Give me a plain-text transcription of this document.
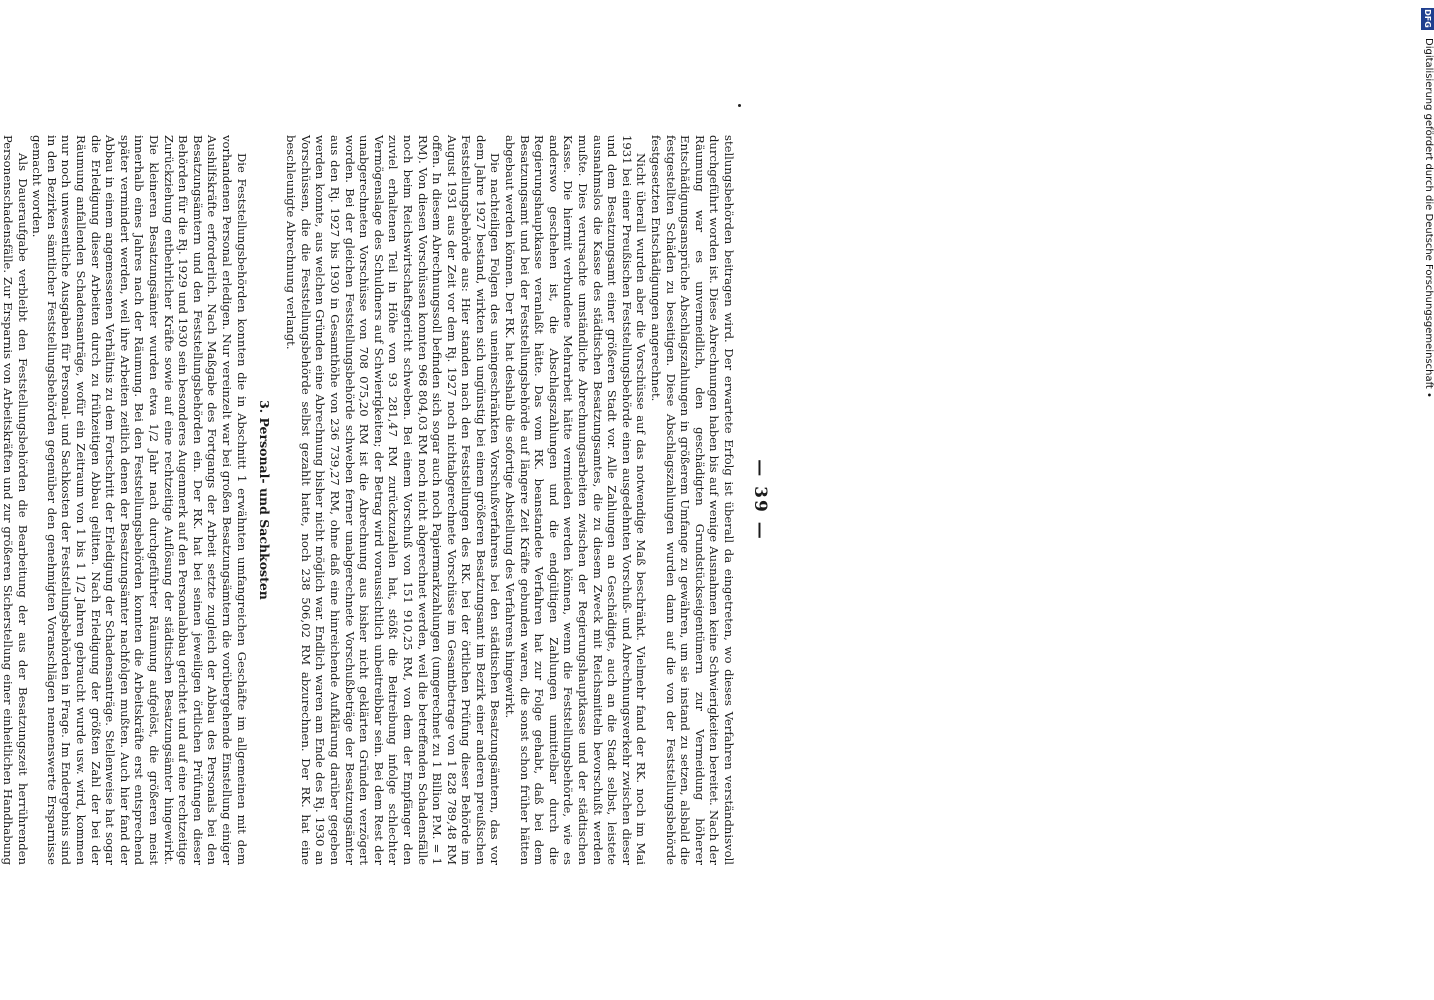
— 39 —

stellungsbehörden beitragen wird. Der erwartete Erfolg ist überall da eingetreten, wo dieses Verfahren verständnisvoll durchgeführt worden ist. Diese Abrechnungen haben bis auf wenige Ausnahmen keine Schwierigkeiten bereitet. Nach der Räumung war es unvermeidlich, den geschädigten Grundstückseigentümern zur Vermeidung höherer Entschädigungsansprüche Abschlagszahlungen in größerem Umfange zu gewähren, um sie instand zu setzen, alsbald die festgestellten Schäden zu beseitigen. Diese Abschlagszahlungen wurden dann auf die von der Feststellungsbehörde festgesetzten Entschädigungen angerechnet.

Nicht überall wurden aber die Vorschüsse auf das notwendige Maß beschränkt. Vielmehr fand der RK. noch im Mai 1931 bei einer Preußischen Feststellungsbehörde einen ausgedehnten Vorschuß- und Abrechnungsverkehr zwischen dieser und dem Besatzungsamt einer größeren Stadt vor. Alle Zahlungen an Geschädigte, auch an die Stadt selbst, leistete ausnahmslos die Kasse des städtischen Besatzungsamtes, die zu diesem Zweck mit Reichsmitteln bevorschußt werden mußte. Dies verursachte umständliche Abrechnungsarbeiten zwischen der Regierungshauptkasse und der städtischen Kasse. Die hiermit verbundene Mehrarbeit hätte vermieden werden können, wenn die Feststellungsbehörde, wie es anderswo geschehen ist, die Abschlagszahlungen und die endgültigen Zahlungen unmittelbar durch die Regierungshauptkasse veranlaßt hätte. Das vom RK. beanstandete Verfahren hat zur Folge gehabt, daß bei dem Besatzungsamt und bei der Feststellungsbehörde auf längere Zeit Kräfte gebunden waren, die sonst schon früher hätten abgebaut werden können. Der RK. hat deshalb die sofortige Abstellung des Verfahrens hingewirkt.

Die nachteiligen Folgen des uneingeschränkten Vorschußverfahrens bei den städtischen Besatzungsämtern, das vor dem Jahre 1927 bestand, wirkten sich ungünstig bei einem größeren Besatzungsamt im Bezirk einer anderen preußischen Feststellungsbehörde aus: Hier standen nach den Feststellungen des RK. bei der örtlichen Prüfung dieser Behörde im August 1931 aus der Zeit vor dem Rj. 1927 noch nichtabgerechnete Vorschüsse im Gesamtbetrage von 1 828 789,48 RM offen. In diesem Abrechnungssoll befinden sich sogar auch noch Papiermarkzahlungen (umgerechnet zu 1 Billion P.M. = 1 RM). Von diesen Vorschüssen konnten 968 804,03 RM noch nicht abgerechnet werden, weil die betreffenden Schadensfälle noch beim Reichswirtschaftsgericht schweben. Bei einem Vorschuß von 151 910,25 RM, von dem der Empfänger den zuviel erhaltenen Teil in Höhe von 93 281,47 RM zurückzuzahlen hat, stößt die Beitreibung infolge schlechter Vermögenslage des Schuldners auf Schwierigkeiten; der Betrag wird voraussichtlich unbeitreibbar sein. Bei dem Rest der unabgerechneten Vorschüsse von 708 075,20 RM ist die Abrechnung aus bisher nicht geklärten Gründen verzögert worden. Bei der gleichen Feststellungsbehörde schweben ferner unabgerechnete Vorschußbeträge der Besatzungsämter aus den Rj. 1927 bis 1930 in Gesamthöhe von 236 739,27 RM, ohne daß eine hinreichende Aufklärung darüber gegeben werden konnte, aus welchen Gründen eine Abrechnung bisher nicht möglich war. Endlich waren am Ende des Rj. 1930 an Vorschüssen, die die Feststellungsbehörde selbst gezahlt hatte, noch 238 506,02 RM abzurechnen. Der RK. hat eine beschleunigte Abrechnung verlangt.

3. Personal- und Sachkosten

Die Feststellungsbehörden konnten die in Abschnitt 1 erwähnten umfangreichen Geschäfte im allgemeinen mit dem vorhandenen Personal erledigen. Nur vereinzelt war bei großen Besatzungsämtern die vorübergehende Einstellung einiger Aushilfskräfte erforderlich. Nach Maßgabe des Fortgangs der Arbeit setzte zugleich der Abbau des Personals bei den Besatzungsämtern und den Feststellungsbehörden ein. Der RK. hat bei seinen jeweiligen örtlichen Prüfungen dieser Behörden für die Rj. 1929 und 1930 sein besonderes Augenmerk auf den Personalabbau gerichtet und auf eine rechtzeitige Zurückziehung entbehrlicher Kräfte sowie auf eine rechtzeitige Auflösung der städtischen Besatzungsämter hingewirkt. Die kleineren Besatzungsämter wurden etwa 1/2 Jahr nach durchgeführter Räumung aufgelöst, die größeren meist innerhalb eines Jahres nach der Räumung. Bei den Feststellungsbehörden konnten die Arbeitskräfte erst entsprechend später vermindert werden, weil ihre Arbeiten zeitlich denen der Besatzungsämter nachfolgen mußten. Auch hier fand der Abbau in einem angemessenen Verhältnis zu dem Fortschritt der Erledigung der Schadensanträge. Stellenweise hat sogar die Erledigung dieser Arbeiten durch zu frühzeitigen Abbau gelitten. Nach Erledigung der größten Zahl der bei der Räumung anfallenden Schadensanträge, wofür ein Zeitraum von 1 bis 1 1/2 Jahren gebraucht wurde usw. wird, kommen nur noch unwesentliche Ausgaben für Personal- und Sachkosten der Feststellungsbehörden in Frage. Im Endergebnis sind in den Bezirken sämtlicher Feststellungsbehörden gegenüber den genehmigten Voranschlägen nennenswerte Ersparnisse gemacht worden.

Als Daueraufgabe verbleibt den Feststellungsbehörden die Bearbeitung der aus der Besatzungszeit herrührenden Personenschadensfälle. Zur Ersparnis von Arbeitskräften und zur größeren Sicherstellung einer einheitlichen Handhabung

DFG
Digitalisierung gefördert durch die Deutsche Forschungsgemeinschaft •
